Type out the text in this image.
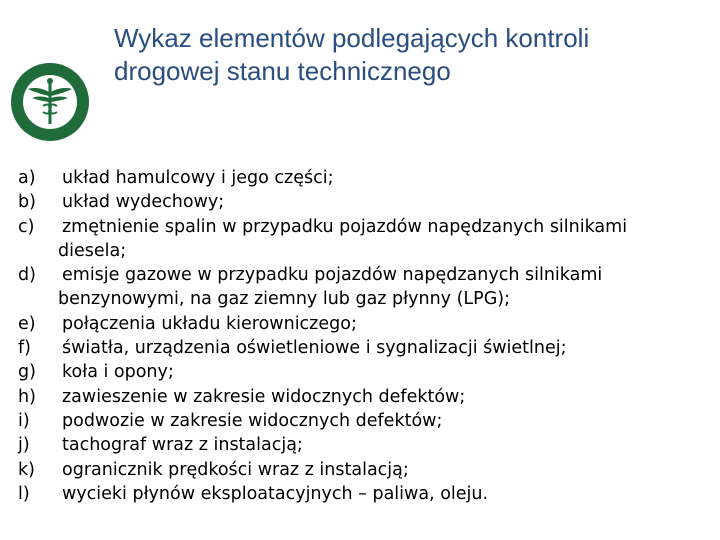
Wykaz elementów podlegających kontroli
drogowej stanu technicznego
a)	układ hamulcowy i jego części;
b)	układ wydechowy;
c)	zmętnienie spalin w przypadku pojazdów napędzanych silnikami
diesela;
d)	emisje gazowe w przypadku pojazdów napędzanych silnikami
benzynowymi, na gaz ziemny lub gaz płynny (LPG);
e)	połączenia układu kierowniczego;
f)	światła, urządzenia oświetleniowe i sygnalizacji świetlnej;
g)	koła i opony;
h)	zawieszenie w zakresie widocznych defektów;
i)	podwozie w zakresie widocznych defektów;
j)	tachograf wraz z instalacją;
k)	ogranicznik prędkości wraz z instalacją;
l)	wycieki płynów eksploatacyjnych – paliwa, oleju.
